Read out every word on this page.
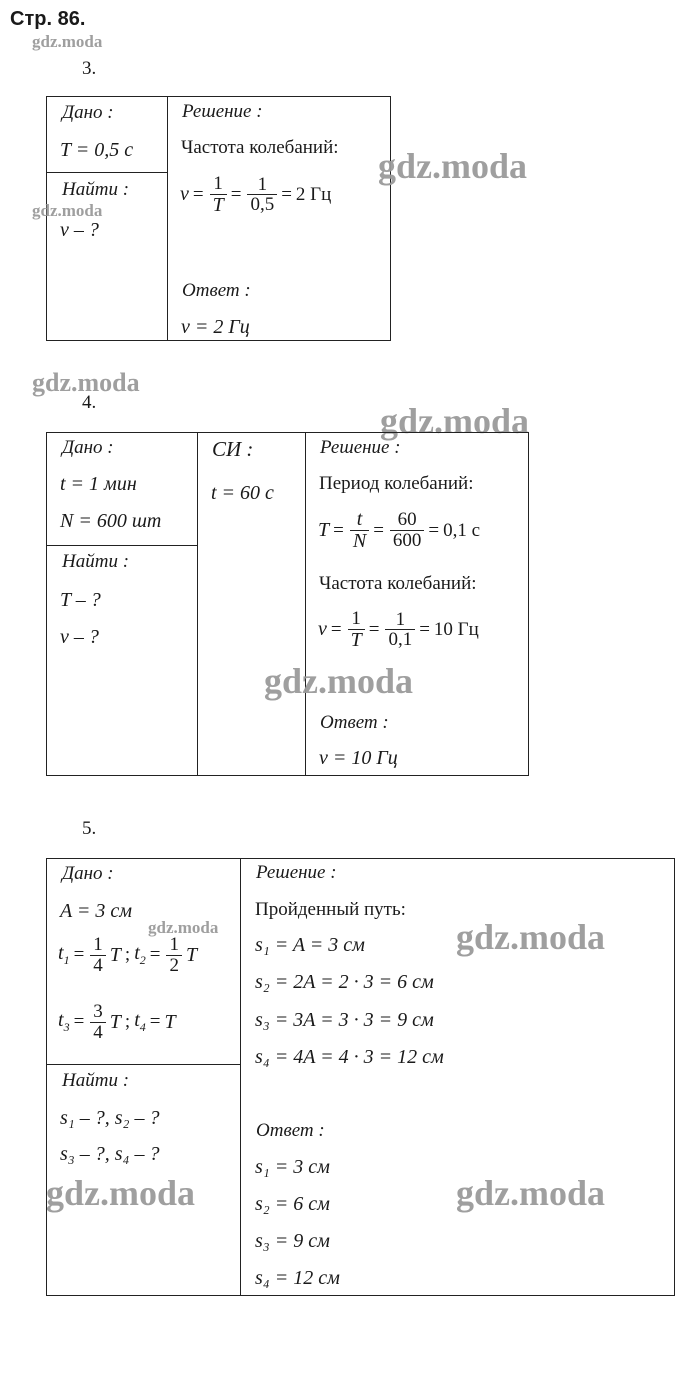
Стр. 86.
gdz.moda
3.
Дано :
T = 0,5 с
Найти :
ν – ?
Решение :
Частота колебаний:
$\nu = \frac{1}{T} = \frac{1}{0,5} = 2$ Гц
Ответ :
ν = 2 Гц
gdz.moda
gdz.moda
gdz.moda
4.	gdz.moda
Дано :
t = 1 мин
N = 600 шт
Найти :
T – ?
ν – ?
СИ :
t = 60 с
Решение :
Период колебаний:
$T = \frac{t}{N} = \frac{60}{600} = 0,1$ с
Частота колебаний:
$\nu = \frac{1}{T} = \frac{1}{0,1} = 10$ Гц
gdz.moda
Ответ :
ν = 10 Гц
5.
Дано :
A = 3 см
gdz.moda
$t_1 = \frac{1}{4}$ T ; $t_2 = \frac{1}{2}$ T
$t_3 = \frac{3}{4}$ T ; $t_4 = T$
Найти :
s₁ – ?, s₂ – ?
s₃ – ?, s₄ – ?
gdz.moda
Решение :
Пройденный путь:
s₁ = A = 3 см
s₂ = 2A = 2 · 3 = 6 см
s₃ = 3A = 3 · 3 = 9 см
s₄ = 4A = 4 · 3 = 12 см
gdz.moda
Ответ :
s₁ = 3 см
s₂ = 6 см
s₃ = 9 см
s₄ = 12 см
gdz.moda
